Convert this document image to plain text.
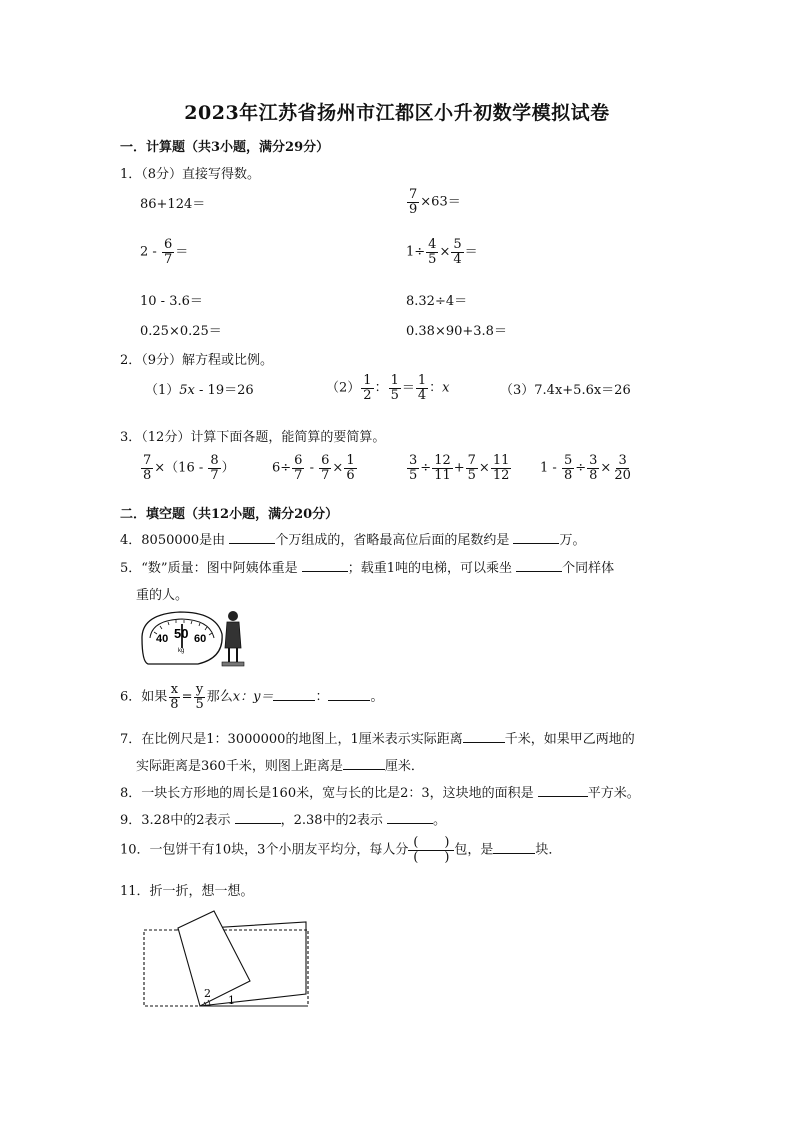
2023年江苏省扬州市江都区小升初数学模拟试卷
一．计算题（共3小题，满分29分）
1．（8分）直接写得数。
86+124＝	$\frac{7}{9} \times 63=$
$2 - \frac{6}{7}$ ＝	$1\div \frac{4}{5} \times \frac{5}{4}$ ＝
10 - 3.6＝	8.32÷4＝
0.25×0.25＝	0.38×90+3.8＝
2．（9分）解方程或比例。
（1）5x - 19＝26	$(2) \frac{1}{2}$ ： $\frac{1}{5} = \frac{1}{4}$ ：x	（3）7.4x+5.6x＝26
3．（12分）计算下面各题，能简算的要简算。
$\frac{7}{8} \times(16 - \frac{8}{7}$ ）	$6\div \frac{6}{7} - \frac{6}{7} \times \frac{1}{6}$	$\frac{3}{5} \div \frac{12}{11} + \frac{7}{5} \times \frac{11}{12} 1 - \frac{5}{8} \div \frac{3}{8} \times \frac{3}{20}$
二．填空题（共12小题，满分20分）
4．8050000是由	个万组成的，省略最高位后面的尾数约是	万。
5．“数”质量：图中阿姨体重是	；载重1吨的电梯，可以乘坐	个同样体
重的人。
40 50 60
kg
6．如果 $\frac{x}{8} = \frac{y}{5}$ 那么x：y＝	：	。
7．在比例尺是1：3000000的地图上，1厘米表示实际距离	千米，如果甲乙两地的
实际距离是360千米，则图上距离是	厘米．
8．一块长方形地的周长是160米，宽与长的比是2：3，这块地的面积是	平方米。
9．3.28中的2表示	，2.38中的2表示	。
10．一包饼干有10块，3个小朋友平均分，每人分 $\frac{( )}{( )}$ 包，是	块．
11．折一折，想一想。
2
1
